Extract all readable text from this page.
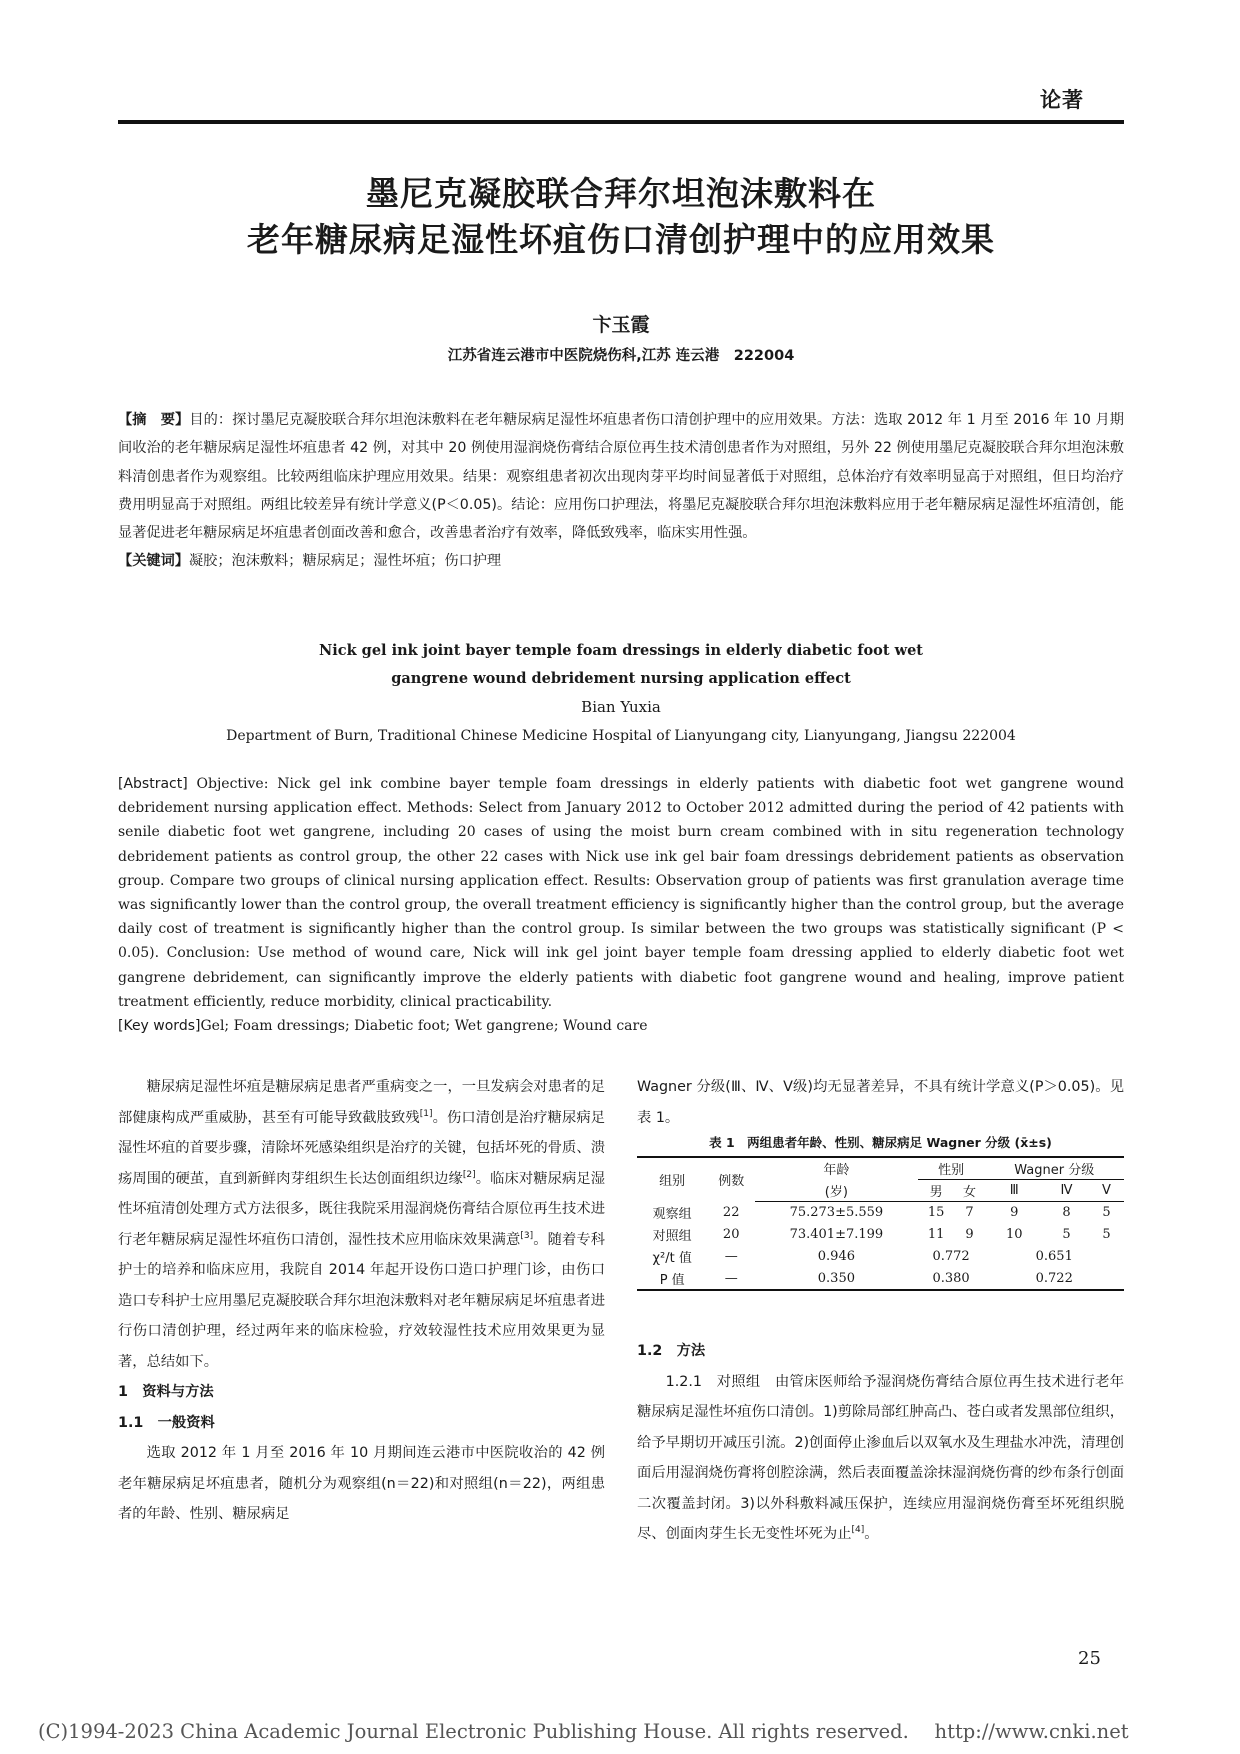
论著
墨尼克凝胶联合拜尔坦泡沫敷料在
老年糖尿病足湿性坏疽伤口清创护理中的应用效果
卞玉霞
江苏省连云港市中医院烧伤科,江苏 连云港　222004
【摘　要】目的：探讨墨尼克凝胶联合拜尔坦泡沫敷料在老年糖尿病足湿性坏疽患者伤口清创护理中的应用效果。方法：选取 2012 年 1 月至 2016 年 10 月期间收治的老年糖尿病足湿性坏疽患者 42 例，对其中 20 例使用湿润烧伤膏结合原位再生技术清创患者作为对照组，另外 22 例使用墨尼克凝胶联合拜尔坦泡沫敷料清创患者作为观察组。比较两组临床护理应用效果。结果：观察组患者初次出现肉芽平均时间显著低于对照组，总体治疗有效率明显高于对照组，但日均治疗费用明显高于对照组。两组比较差异有统计学意义(P＜0.05)。结论：应用伤口护理法，将墨尼克凝胶联合拜尔坦泡沫敷料应用于老年糖尿病足湿性坏疽清创，能显著促进老年糖尿病足坏疽患者创面改善和愈合，改善患者治疗有效率，降低致残率，临床实用性强。
【关键词】凝胶；泡沫敷料；糖尿病足；湿性坏疽；伤口护理
Nick gel ink joint bayer temple foam dressings in elderly diabetic foot wet
gangrene wound debridement nursing application effect
Bian Yuxia
Department of Burn, Traditional Chinese Medicine Hospital of Lianyungang city, Lianyungang, Jiangsu 222004
[Abstract] Objective: Nick gel ink combine bayer temple foam dressings in elderly patients with diabetic foot wet gangrene wound debridement nursing application effect. Methods: Select from January 2012 to October 2012 admitted during the period of 42 patients with senile diabetic foot wet gangrene, including 20 cases of using the moist burn cream combined with in situ regeneration technology debridement patients as control group, the other 22 cases with Nick use ink gel bair foam dressings debridement patients as observation group. Compare two groups of clinical nursing application effect. Results: Observation group of patients was first granulation average time was significantly lower than the control group, the overall treatment efficiency is significantly higher than the control group, but the average daily cost of treatment is significantly higher than the control group. Is similar between the two groups was statistically significant (P < 0.05). Conclusion: Use method of wound care, Nick will ink gel joint bayer temple foam dressing applied to elderly diabetic foot wet gangrene debridement, can significantly improve the elderly patients with diabetic foot gangrene wound and healing, improve patient treatment efficiently, reduce morbidity, clinical practicability.
[Key words]Gel; Foam dressings; Diabetic foot; Wet gangrene; Wound care

糖尿病足湿性坏疽是糖尿病足患者严重病变之一，一旦发病会对患者的足部健康构成严重威胁，甚至有可能导致截肢致残[1]。伤口清创是治疗糖尿病足湿性坏疽的首要步骤，清除坏死感染组织是治疗的关键，包括坏死的骨质、溃疡周围的硬茧，直到新鲜肉芽组织生长达创面组织边缘[2]。临床对糖尿病足湿性坏疽清创处理方式方法很多，既往我院采用湿润烧伤膏结合原位再生技术进行老年糖尿病足湿性坏疽伤口清创，湿性技术应用临床效果满意[3]。随着专科护士的培养和临床应用，我院自 2014 年起开设伤口造口护理门诊，由伤口造口专科护士应用墨尼克凝胶联合拜尔坦泡沫敷料对老年糖尿病足坏疽患者进行伤口清创护理，经过两年来的临床检验，疗效较湿性技术应用效果更为显著，总结如下。

1　资料与方法

1.1　一般资料

选取 2012 年 1 月至 2016 年 10 月期间连云港市中医院收治的 42 例老年糖尿病足坏疽患者，随机分为观察组(n＝22)和对照组(n＝22)，两组患者的年龄、性别、糖尿病足

Wagner 分级(Ⅲ、Ⅳ、Ⅴ级)均无显著差异，不具有统计学意义(P＞0.05)。见表 1。

表 1　两组患者年龄、性别、糖尿病足 Wagner 分级 (x̄±s)
组别	例数	年龄	性别		Wagner 分级		
		(岁)	男	女	Ⅲ	Ⅳ	Ⅴ
观察组	22	75.273±5.559	15	7	9	8	5
对照组	20	73.401±7.199	11	9	10	5	5
χ²/t 值	—	0.946	0.772		0.651		
P 值	—	0.350	0.380		0.722		

1.2　方法

1.2.1　对照组　由管床医师给予湿润烧伤膏结合原位再生技术进行老年糖尿病足湿性坏疽伤口清创。1)剪除局部红肿高凸、苍白或者发黑部位组织，给予早期切开减压引流。2)创面停止渗血后以双氧水及生理盐水冲洗，清理创面后用湿润烧伤膏将创腔涂满，然后表面覆盖涂抹湿润烧伤膏的纱布条行创面二次覆盖封闭。3)以外科敷料减压保护，连续应用湿润烧伤膏至坏死组织脱尽、创面肉芽生长无变性坏死为止[4]。

25
(C)1994-2023 China Academic Journal Electronic Publishing House. All rights reserved.　 http://www.cnki.net
